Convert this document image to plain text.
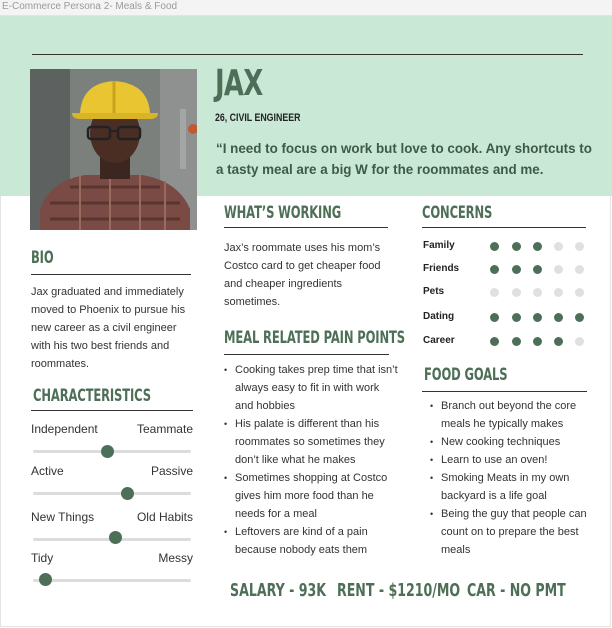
E-Commerce Persona 2- Meals & Food
JAX
26, CIVIL ENGINEER
“I need to focus on work but love to cook. Any shortcuts to a tasty meal are a big W for the roommates and me.
BIO
Jax graduated and immediately moved to Phoenix to pursue his new career as a civil engineer with his two best friends and roommates.
CHARACTERISTICS
Independent	Teammate
Active	Passive
New Things	Old Habits
Tidy	Messy
WHAT’S WORKING
Jax’s roommate uses his mom’s Costco card to get cheaper food and cheaper ingredients sometimes.
MEAL RELATED PAIN POINTS
• Cooking takes prep time that isn’t always easy to fit in with work and hobbies
• His palate is different than his roommates so sometimes they don’t like what he makes
• Sometimes shopping at Costco gives him more food than he needs for a meal
• Leftovers are kind of a pain because nobody eats them
CONCERNS
Family
Friends
Pets
Dating
Career
FOOD GOALS
• Branch out beyond the core meals he typically makes
• New cooking techniques
• Learn to use an oven!
• Smoking Meats in my own backyard is a life goal
• Being the guy that people can count on to prepare the best meals
SALARY - 93K RENT - $1210/MO CAR - NO PMT
